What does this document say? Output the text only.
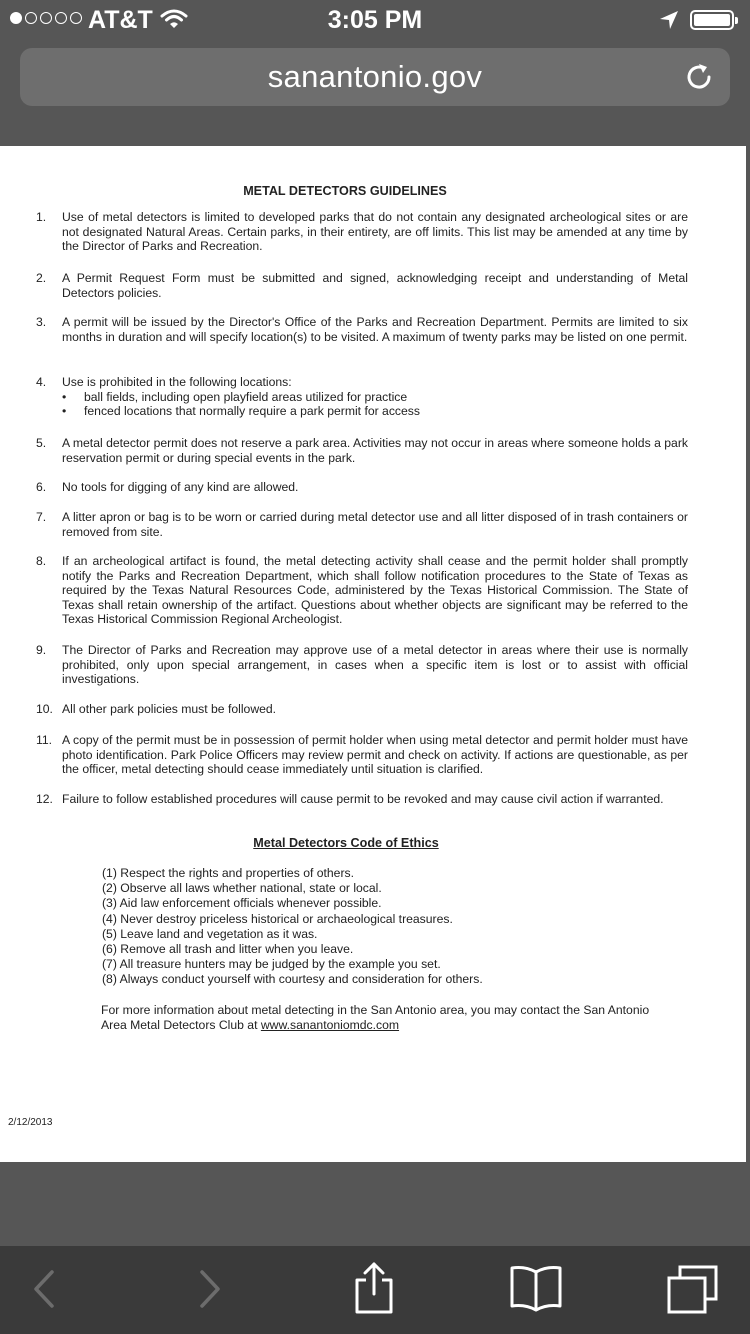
AT&T	3:05 PM
sanantonio.gov
METAL DETECTORS GUIDELINES
1.	Use of metal detectors is limited to developed parks that do not contain any designated archeological sites or are not designated Natural Areas. Certain parks, in their entirety, are off limits. This list may be amended at any time by the Director of Parks and Recreation.
2.	A Permit Request Form must be submitted and signed, acknowledging receipt and understanding of Metal Detectors policies.
3.	A permit will be issued by the Director's Office of the Parks and Recreation Department. Permits are limited to six months in duration and will specify location(s) to be visited. A maximum of twenty parks may be listed on one permit.
4.	Use is prohibited in the following locations:
• ball fields, including open playfield areas utilized for practice
• fenced locations that normally require a park permit for access
5.	A metal detector permit does not reserve a park area. Activities may not occur in areas where someone holds a park reservation permit or during special events in the park.
6.	No tools for digging of any kind are allowed.
7.	A litter apron or bag is to be worn or carried during metal detector use and all litter disposed of in trash containers or removed from site.
8.	If an archeological artifact is found, the metal detecting activity shall cease and the permit holder shall promptly notify the Parks and Recreation Department, which shall follow notification procedures to the State of Texas as required by the Texas Natural Resources Code, administered by the Texas Historical Commission. The State of Texas shall retain ownership of the artifact. Questions about whether objects are significant may be referred to the Texas Historical Commission Regional Archeologist.
9.	The Director of Parks and Recreation may approve use of a metal detector in areas where their use is normally prohibited, only upon special arrangement, in cases when a specific item is lost or to assist with official investigations.
10. All other park policies must be followed.
11. A copy of the permit must be in possession of permit holder when using metal detector and permit holder must have photo identification. Park Police Officers may review permit and check on activity. If actions are questionable, as per the officer, metal detecting should cease immediately until situation is clarified.
12. Failure to follow established procedures will cause permit to be revoked and may cause civil action if warranted.
Metal Detectors Code of Ethics
(1) Respect the rights and properties of others.
(2) Observe all laws whether national, state or local.
(3) Aid law enforcement officials whenever possible.
(4) Never destroy priceless historical or archaeological treasures.
(5) Leave land and vegetation as it was.
(6) Remove all trash and litter when you leave.
(7) All treasure hunters may be judged by the example you set.
(8) Always conduct yourself with courtesy and consideration for others.
For more information about metal detecting in the San Antonio area, you may contact the San Antonio Area Metal Detectors Club at www.sanantoniomdc.com
2/12/2013
